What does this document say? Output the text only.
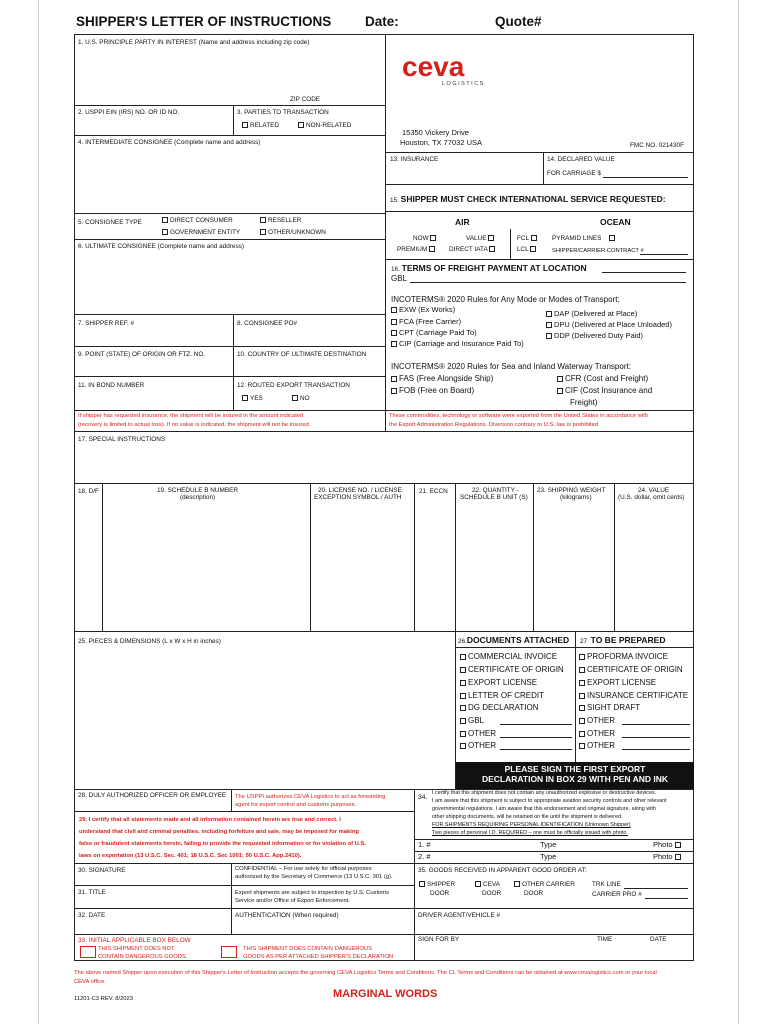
SHIPPER'S LETTER OF INSTRUCTIONS	Date:	Quote#
1. U.S. PRINCIPLE PARTY IN INTEREST (Name and address including zip code)
ceva
LOGISTICS
ZIP CODE
2. USPPI EIN (IRS) NO. OR ID NO.	3. PARTIES TO TRANSACTION
RELATED	NON-RELATED
4. INTERMEDIATE CONSIGNEE (Complete name and address)
15350 Vickery Drive
Houston, TX 77032 USA	FMC NO. 021430F
13. INSURANCE	14. DECLARED VALUE
FOR CARRIAGE $
15. SHIPPER MUST CHECK INTERNATIONAL SERVICE REQUESTED:
AIR	OCEAN
NOW
PREMIUM
VALUE
DIRECT IATA
FCL
LCL
PYRAMID LINES
SHIPPER/CARRIER CONTRACT #
5. CONSIGNEE TYPE	DIRECT CONSUMER
GOVERNMENT ENTITY
RESELLER
OTHER/UNKNOWN
6. ULTIMATE CONSIGNEE (Complete name and address)
7. SHIPPER REF. #	8. CONSIGNEE PO#
9. POINT (STATE) OF ORIGIN OR FTZ. NO.	10. COUNTRY OF ULTIMATE DESTINATION
11. IN BOND NUMBER	12. ROUTED EXPORT TRANSACTION
YES	NO
16. TERMS OF FREIGHT PAYMENT AT LOCATION
GBL
INCOTERMS® 2020 Rules for Any Mode or Modes of Transport:
EXW (Ex Works)
FCA (Free Carrier)
CPT (Carriage Paid To)
CIP (Carriage and Insurance Paid To)
DAP (Delivered at Place)
DPU (Delivered at Place Unloaded)
DDP (Delivered Duty Paid)
INCOTERMS® 2020 Rules for Sea and Inland Waterway Transport:
FAS (Free Alongside Ship)
FOB (Free on Board)
CFR (Cost and Freight)
CIF (Cost Insurance and
Freight)
If shipper has requested insurance, the shipment will be insured in the amount indicated
(recovery is limited to actual loss). If no value is indicated, the shipment will not be insured.
These commodities, technology or software were exported from the United States in accordance with
the Export Administration Regulations. Diversion contrary to U.S. law is prohibited
17. SPECIAL INSTRUCTIONS
18. D/F	19. SCHEDULE B NUMBER
(description)
20. LICENSE NO. / LICENSE
EXCEPTION SYMBOL / AUTH
21. ECCN	22. QUANTITY -
SCHEDULE B UNIT (S)
23. SHIPPING WEIGHT
(kilograms)
24. VALUE
(U.S. dollar, omit cents)
25. PIECES & DIMENSIONS (L x W x H in inches)	26.DOCUMENTS ATTACHED 27 TO BE PREPARED
COMMERCIAL INVOICE
CERTIFICATE OF ORIGIN
EXPORT LICENSE
LETTER OF CREDIT
DG DECLARATION
GBL
OTHER
OTHER
PROFORMA INVOICE
CERTIFICATE OF ORIGIN
EXPORT LICENSE
INSURANCE CERTIFICATE
SIGHT DRAFT
OTHER
OTHER
OTHER
PLEASE SIGN THE FIRST EXPORT
DECLARATION IN BOX 29 WITH PEN AND INK
28. DULY AUTHORIZED OFFICER OR EMPLOYEE The USPPI authorizes CEVA Logistics to act as forwarding
agent for export control and customs purposes.
29. I certify that all statements made and all information contained herein are true and correct. I
understand that civil and criminal penalties, including forfeiture and sale, may be imposed for making
false or fraudulent statements herein, failing to provide the requested information or for violation of U.S.
laws on exportation (13 U.S.C. Sec. 401; 18 U.S.C. Sec 1001; 50 U.S.C. App.2410).
30. SIGNATURE	CONFIDENTIAL – For use solely for official purposes
authorized by the Secretary of Commerce (13 U.S.C. 301 (g).
31. TITLE	Export shipments are subject to inspection by U.S. Customs
Service and/or Office of Export Enforcement.
32. DATE	AUTHENTICATION (When required)
33. INITIAL APPLICABLE BOX BELOW
THIS SHIPMENT DOES NOT
CONTAIN DANGEROUS GOODS
THIS SHIPMENT DOES CONTAIN DANGEROUS
GOODS AS PER ATTACHED SHIPPER'S DECLARATION
34.
I certify that this shipment does not contain any unauthorized explosive or destructive devices.
I am aware that this shipment is subject to appropriate aviation security controls and other relevant
governmental regulations. I am aware that this endorsement and original signature, along with
other shipping documents, will be retained on file until the shipment is delivered.
FOR SHIPMENTS REQUIRING PERSONAL IDENTIFICATION (Unknown Shipper)
Two pieces of personal I.D. REQUIRED – one must be officially issued with photo.
1. #	Type	Photo
2. #	Type	Photo
35. GOODS RECEIVED IN APPARENT GOOD ORDER AT:
SHIPPER
DOOR
CEVA
DOOR
OTHER CARRIER
DOOR
TRK LINE
CARRIER PRO #
DRIVER AGENT/VEHICLE #
SIGN FOR BY	TIME	DATE
The above named Shipper upon execution of this Shipper's Letter of Instruction accepts the governing CEVA Logistics Terms and Conditions. The CL Terms and Conditions can be obtained at www.cevalogistics.com or your local
CEVA office.
11201-C3 REV. 8/2023	MARGINAL WORDS
